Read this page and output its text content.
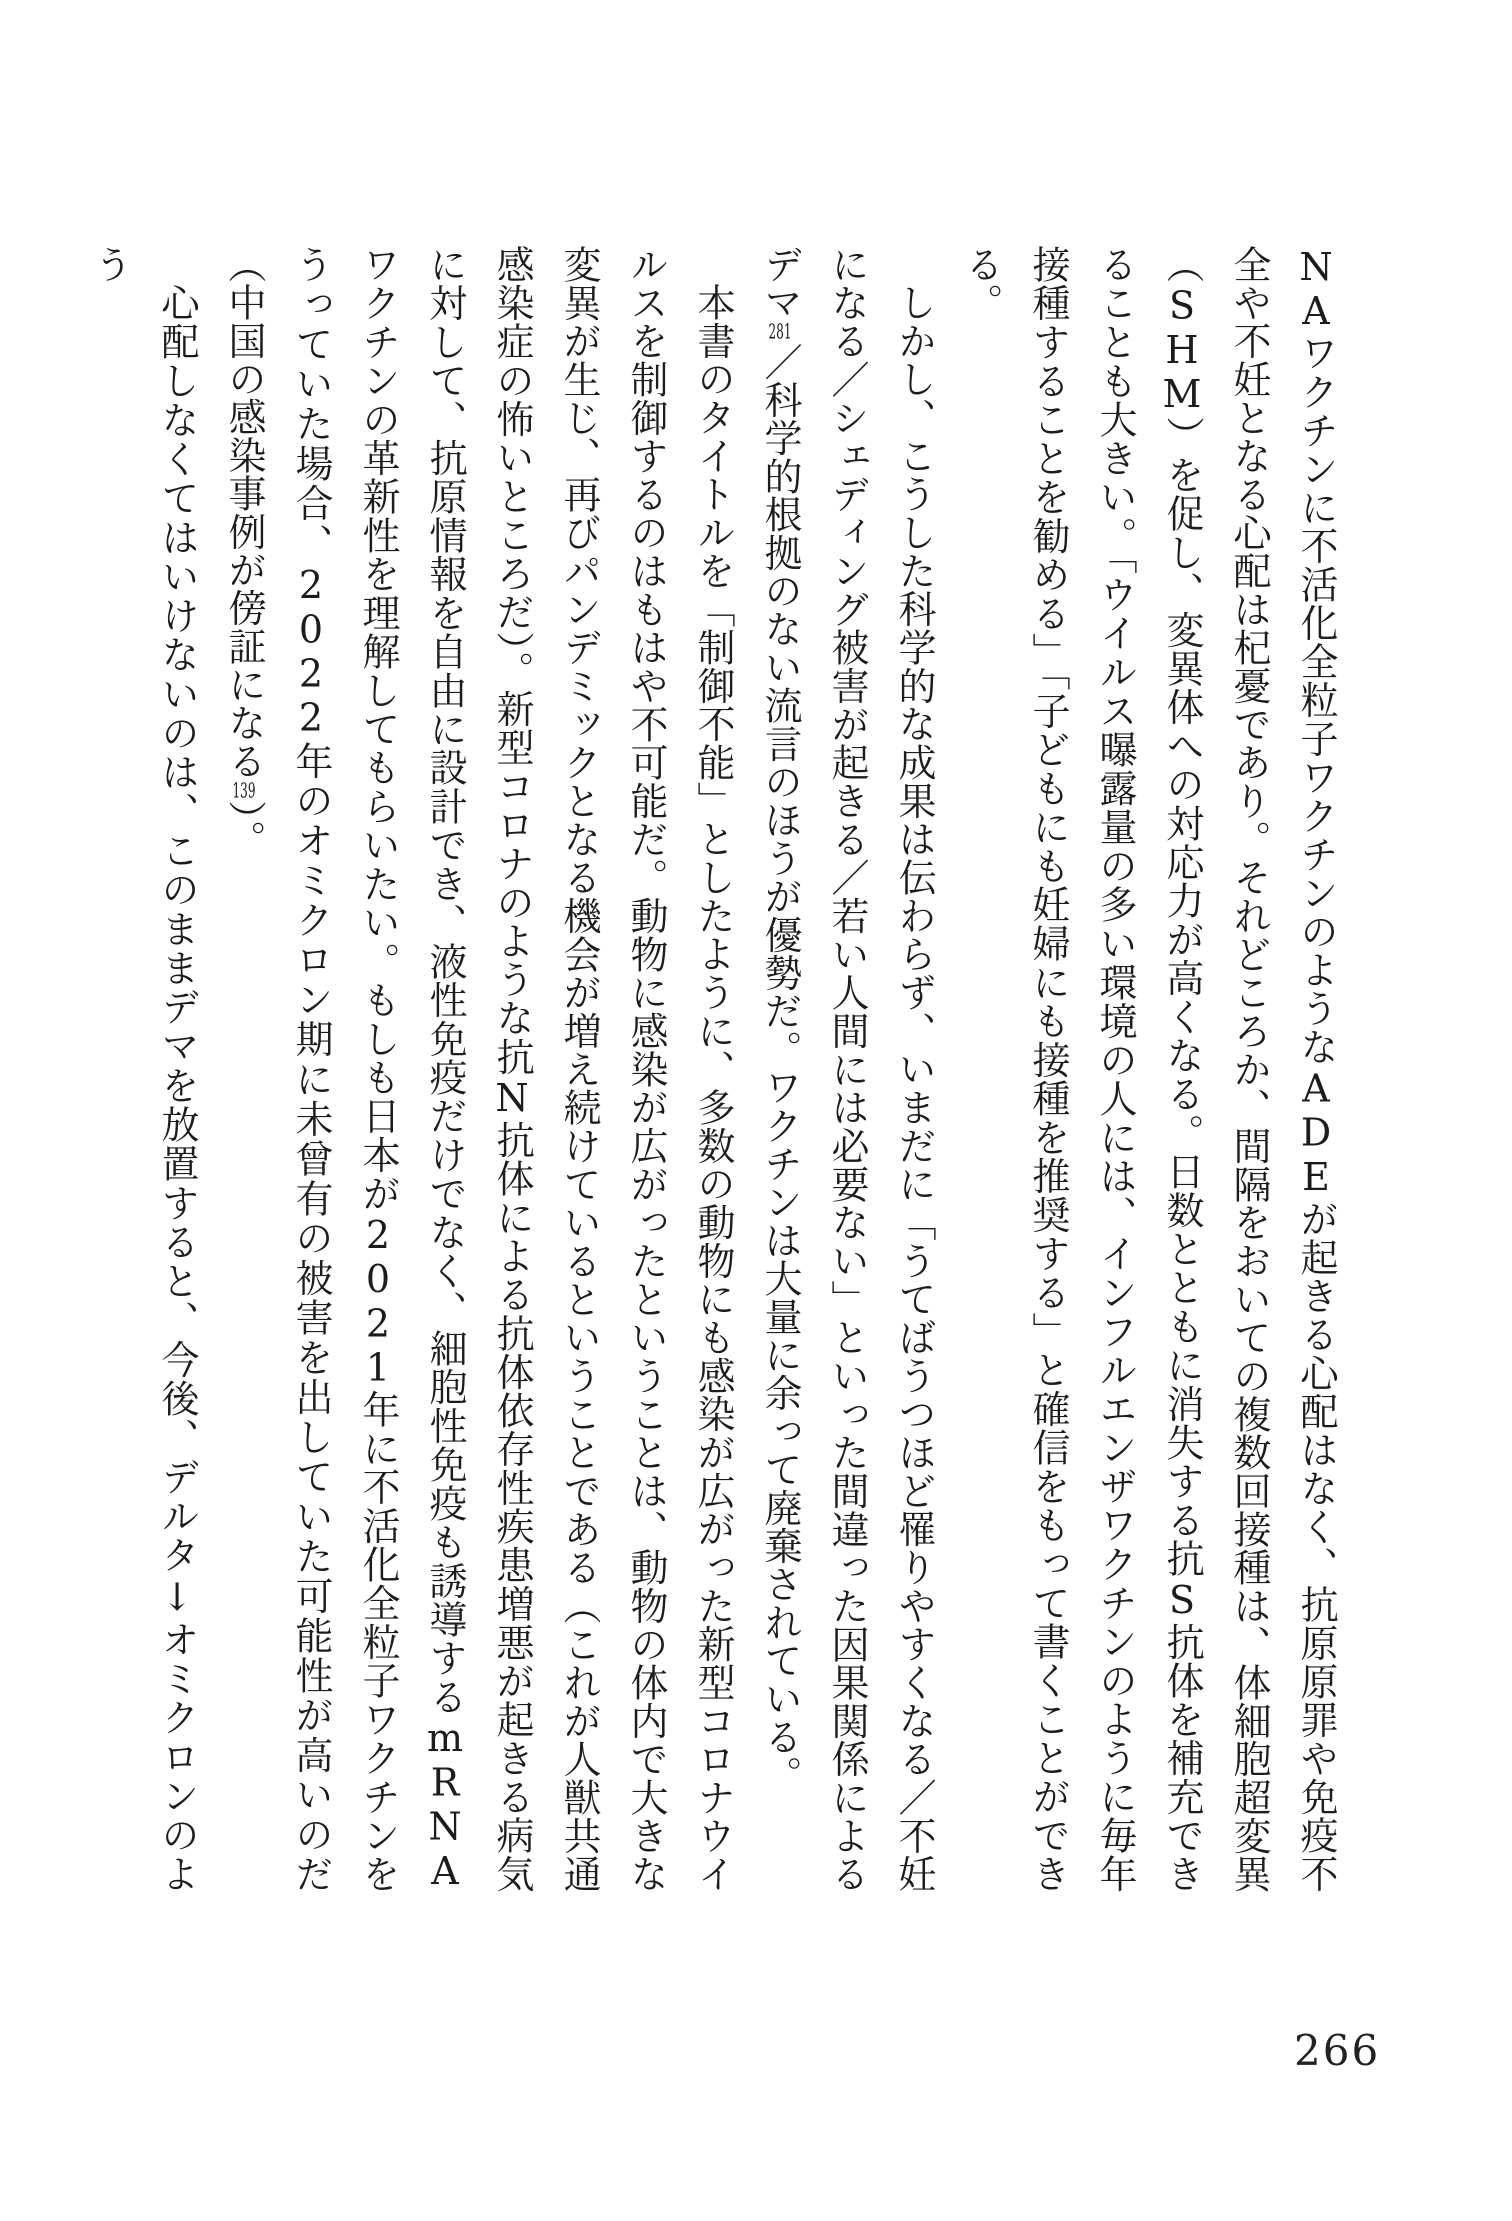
NAワクチンに不活化全粒子ワクチンのようなADEが起きる心配はなく、抗原原罪や免疫不全や不妊となる心配は杞憂であり。それどころか、間隔をおいての複数回接種は、体細胞超変異（SHM）を促し、変異体への対応力が高くなる。日数とともに消失する抗S抗体を補充できることも大きい。「ウイルス曝露量の多い環境の人には、インフルエンザワクチンのように毎年接種することを勧める」「子どもにも妊婦にも接種を推奨する」と確信をもって書くことができる。

しかし、こうした科学的な成果は伝わらず、いまだに「うてばうつほど罹りやすくなる／不妊になる／シェディング被害が起きる／若い人間には必要ない」といった間違った因果関係によるデマ281／科学的根拠のない流言のほうが優勢だ。ワクチンは大量に余って廃棄されている。

本書のタイトルを「制御不能」としたように、多数の動物にも感染が広がった新型コロナウイルスを制御するのはもはや不可能だ。動物に感染が広がったということは、動物の体内で大きな変異が生じ、再びパンデミックとなる機会が増え続けているということである（これが人獣共通感染症の怖いところだ）。新型コロナのような抗N抗体による抗体依存性疾患増悪が起きる病気に対して、抗原情報を自由に設計でき、液性免疫だけでなく、細胞性免疫も誘導するmRNAワクチンの革新性を理解してもらいたい。もしも日本が2021年に不活化全粒子ワクチンをうっていた場合、2022年のオミクロン期に未曾有の被害を出していた可能性が高いのだ（中国の感染事例が傍証になる139）。

心配しなくてはいけないのは、このままデマを放置すると、今後、デルタ↓オミクロンのよう

266
